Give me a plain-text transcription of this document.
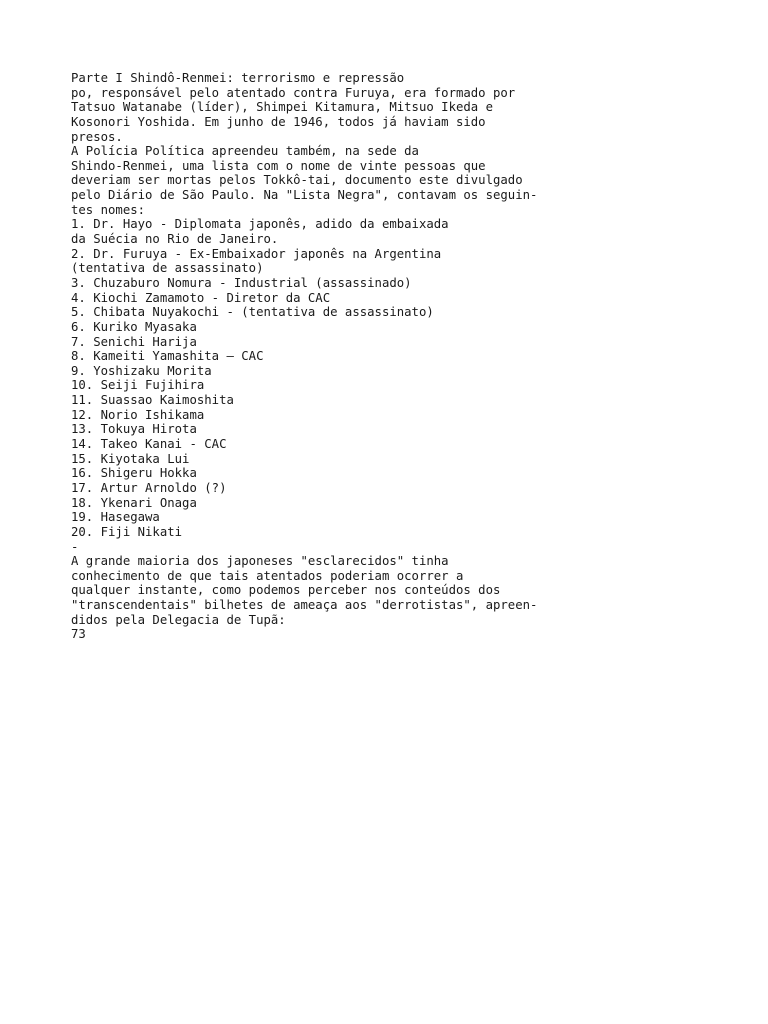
Parte I Shindô-Renmei: terrorismo e repressão
po, responsável pelo atentado contra Furuya, era formado por
Tatsuo Watanabe (líder), Shimpei Kitamura, Mitsuo Ikeda e
Kosonori Yoshida. Em junho de 1946, todos já haviam sido
presos.
A Polícia Política apreendeu também, na sede da
Shindo-Renmei, uma lista com o nome de vinte pessoas que
deveriam ser mortas pelos Tokkô-tai, documento este divulgado
pelo Diário de São Paulo. Na "Lista Negra", contavam os seguin-
tes nomes:
1. Dr. Hayo - Diplomata japonês, adido da embaixada
da Suécia no Rio de Janeiro.
2. Dr. Furuya - Ex-Embaixador japonês na Argentina
(tentativa de assassinato)
3. Chuzaburo Nomura - Industrial (assassinado)
4. Kiochi Zamamoto - Diretor da CAC
5. Chibata Nuyakochi - (tentativa de assassinato)
6. Kuriko Myasaka
7. Senichi Harija
8. Kameiti Yamashita – CAC
9. Yoshizaku Morita
10. Seiji Fujihira
11. Suassao Kaimoshita
12. Norio Ishikama
13. Tokuya Hirota
14. Takeo Kanai - CAC
15. Kiyotaka Lui
16. Shigeru Hokka
17. Artur Arnoldo (?)
18. Ykenari Onaga
19. Hasegawa
20. Fiji Nikati
-
A grande maioria dos japoneses "esclarecidos" tinha
conhecimento de que tais atentados poderiam ocorrer a
qualquer instante, como podemos perceber nos conteúdos dos
"transcendentais" bilhetes de ameaça aos "derrotistas", apreen-
didos pela Delegacia de Tupã:
73
